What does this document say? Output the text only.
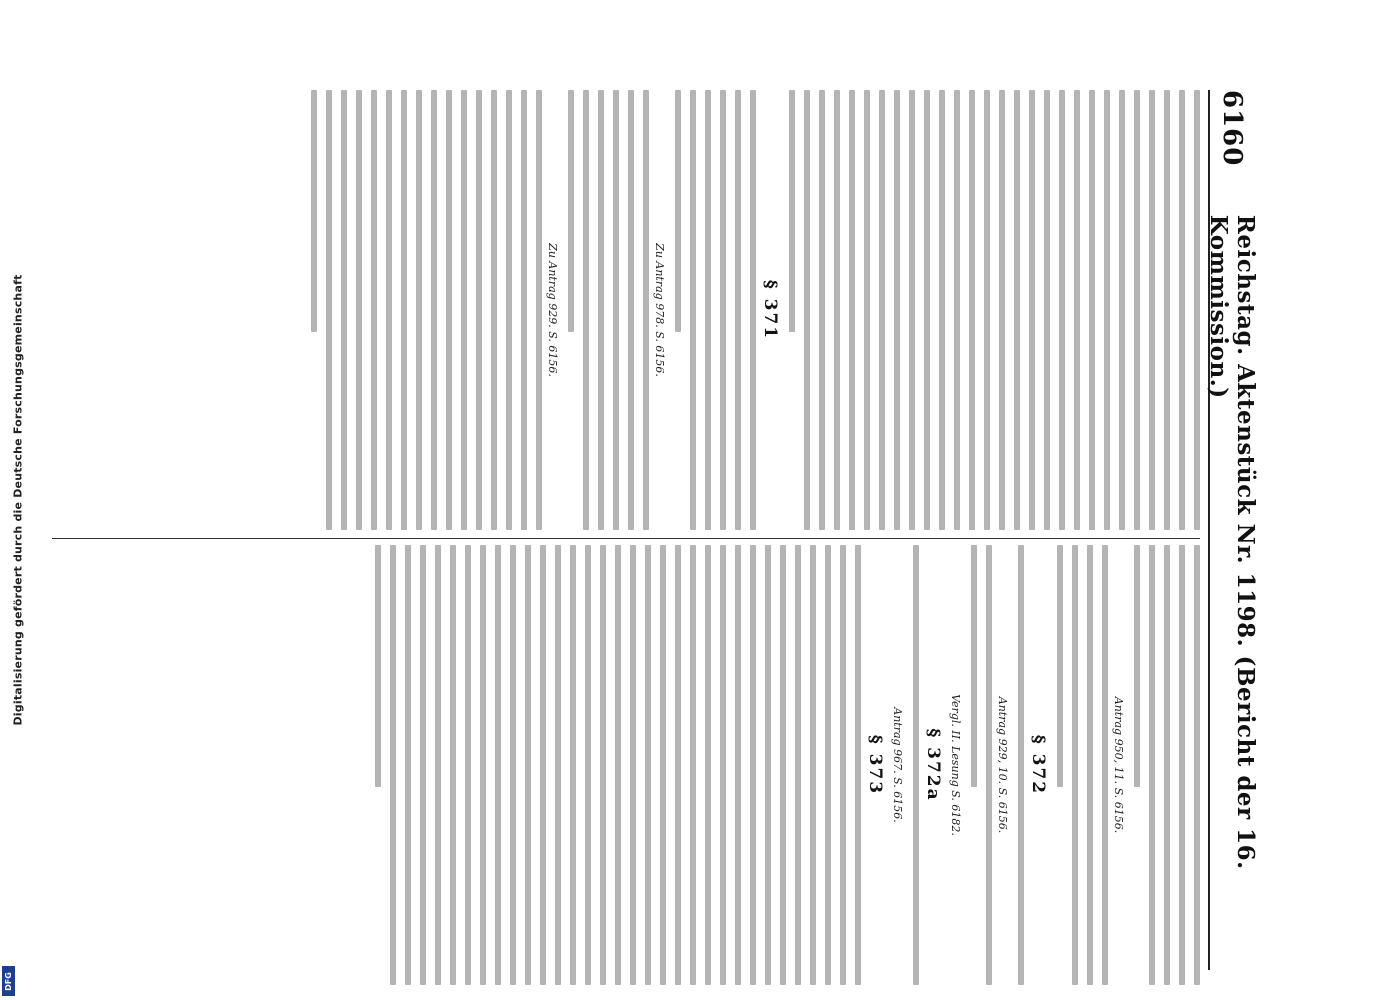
Digitalisierung gefördert durch die Deutsche Forschungsgemeinschaft
DFG
6160
Reichstag. Aktenstück Nr. 1198. (Bericht der 16. Kommission.)
§ 371
Zu Antrag 978. S. 6156.
Zu Antrag 929. S. 6156.
Antrag 950, 11. S. 6156.
§ 372
Antrag 929, 10. S. 6156.
Vergl. II. Lesung S. 6182.
§ 372a
Antrag 967. S. 6156.
§ 373
